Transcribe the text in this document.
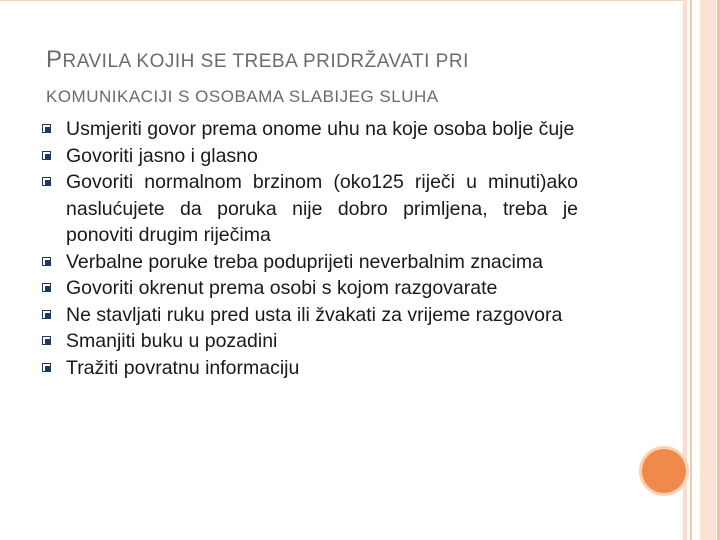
PRAVILA KOJIH SE TREBA PRIDRŽAVATI PRI
KOMUNIKACIJI S OSOBAMA SLABIJEG SLUHA
Usmjeriti govor prema onome uhu na koje osoba bolje čuje
Govoriti jasno i glasno
Govoriti normalnom brzinom (oko125 riječi u minuti)ako naslućujete da poruka nije dobro primljena, treba je ponoviti drugim riječima
Verbalne poruke treba poduprijeti neverbalnim znacima
Govoriti okrenut prema osobi s kojom razgovarate
Ne stavljati ruku pred usta ili žvakati za vrijeme razgovora
Smanjiti buku u pozadini
Tražiti povratnu informaciju
